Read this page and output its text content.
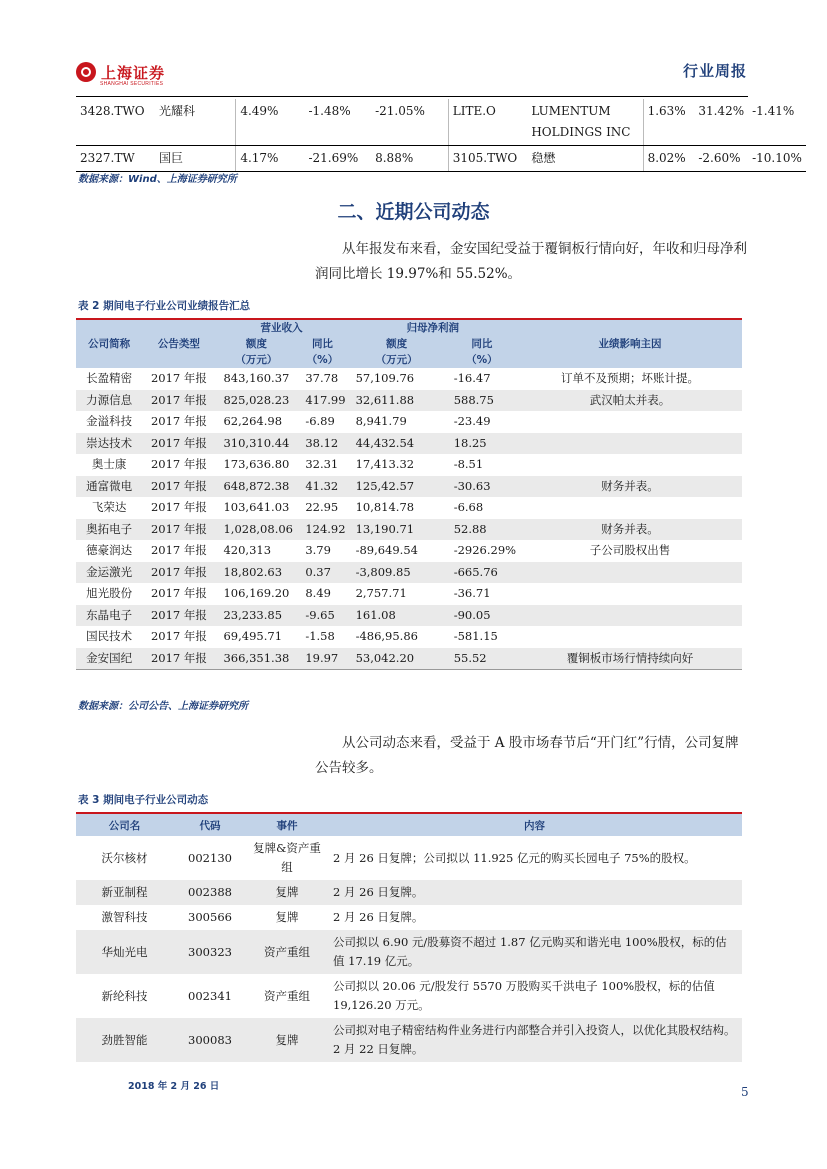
上海证券
SHANGHAI SECURITIES
行业周报
3428.TWO	光耀科	4.49%	-1.48%	-21.05%	LITE.O	LUMENTUM HOLDINGS INC	1.63%	31.42%	-1.41%
2327.TW	国巨	4.17%	-21.69%	8.88%	3105.TWO	稳懋	8.02%	-2.60%	-10.10%
数据来源：Wind、上海证券研究所
二、近期公司动态
从年报发布来看，金安国纪受益于覆铜板行情向好，年收和归母净利润同比增长 19.97%和 55.52%。
表 2 期间电子行业公司业绩报告汇总
公司简称	公告类型	营业收入		归母净利润		业绩影响主因
		额度	同比	额度	同比	
		（万元）	（%）	（万元）	（%）	
长盈精密	2017 年报	843,160.37	37.78	57,109.76	-16.47	订单不及预期；坏账计提。
力源信息	2017 年报	825,028.23	417.99	32,611.88	588.75	武汉帕太并表。
金溢科技	2017 年报	62,264.98	-6.89	8,941.79	-23.49	
崇达技术	2017 年报	310,310.44	38.12	44,432.54	18.25	
奥士康	2017 年报	173,636.80	32.31	17,413.32	-8.51	
通富微电	2017 年报	648,872.38	41.32	125,42.57	-30.63	财务并表。
飞荣达	2017 年报	103,641.03	22.95	10,814.78	-6.68	
奥拓电子	2017 年报	1,028,08.06	124.92	13,190.71	52.88	财务并表。
德豪润达	2017 年报	420,313	3.79	-89,649.54	-2926.29%	子公司股权出售
金运激光	2017 年报	18,802.63	0.37	-3,809.85	-665.76	
旭光股份	2017 年报	106,169.20	8.49	2,757.71	-36.71	
东晶电子	2017 年报	23,233.85	-9.65	161.08	-90.05	
国民技术	2017 年报	69,495.71	-1.58	-486,95.86	-581.15	
金安国纪	2017 年报	366,351.38	19.97	53,042.20	55.52	覆铜板市场行情持续向好
数据来源：公司公告、上海证券研究所
从公司动态来看，受益于 A 股市场春节后“开门红”行情，公司复牌公告较多。
表 3 期间电子行业公司动态
公司名	代码	事件	内容
沃尔核材	002130	复牌&资产重组	2 月 26 日复牌；公司拟以 11.925 亿元的购买长园电子 75%的股权。
新亚制程	002388	复牌	2 月 26 日复牌。
激智科技	300566	复牌	2 月 26 日复牌。
华灿光电	300323	资产重组	公司拟以 6.90 元/股募资不超过 1.87 亿元购买和谐光电 100%股权，标的估值 17.19 亿元。
新纶科技	002341	资产重组	公司拟以 20.06 元/股发行 5570 万股购买千洪电子 100%股权，标的估值 19,126.20 万元。
劲胜智能	300083	复牌	公司拟对电子精密结构件业务进行内部整合并引入投资人，以优化其股权结构。2 月 22 日复牌。
2018 年 2 月 26 日	5
